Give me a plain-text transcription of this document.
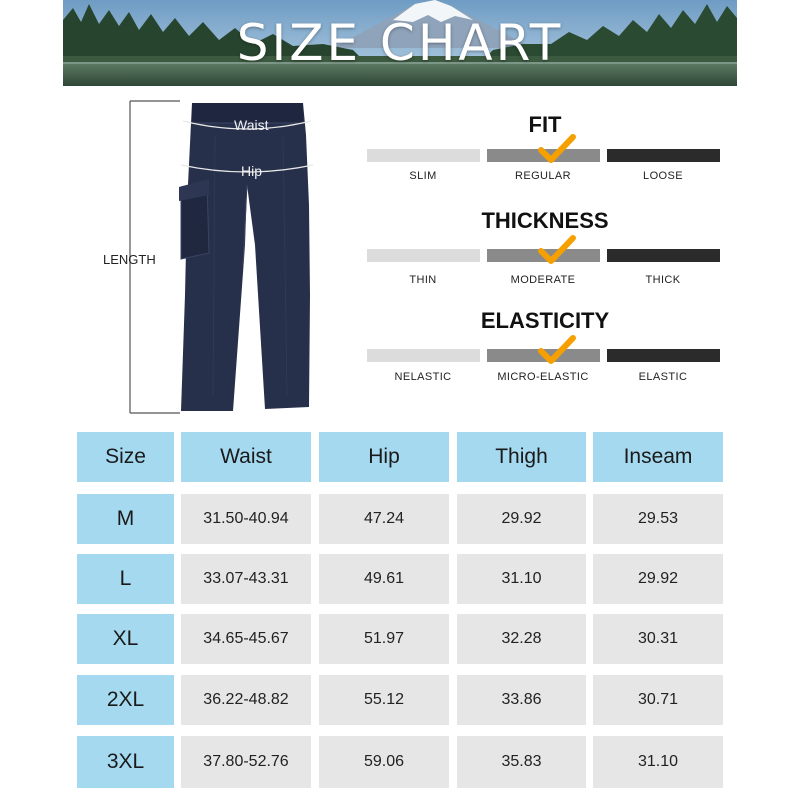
SIZE CHART
Waist
Hip
LENGTH
FIT
SLIM	REGULAR	LOOSE
THICKNESS
THIN	MODERATE	THICK
ELASTICITY
NELASTIC	MICRO-ELASTIC	ELASTIC
Size	Waist	Hip	Thigh	Inseam
M	31.50-40.94	47.24	29.92	29.53
L	33.07-43.31	49.61	31.10	29.92
XL	34.65-45.67	51.97	32.28	30.31
2XL	36.22-48.82	55.12	33.86	30.71
3XL	37.80-52.76	59.06	35.83	31.10
